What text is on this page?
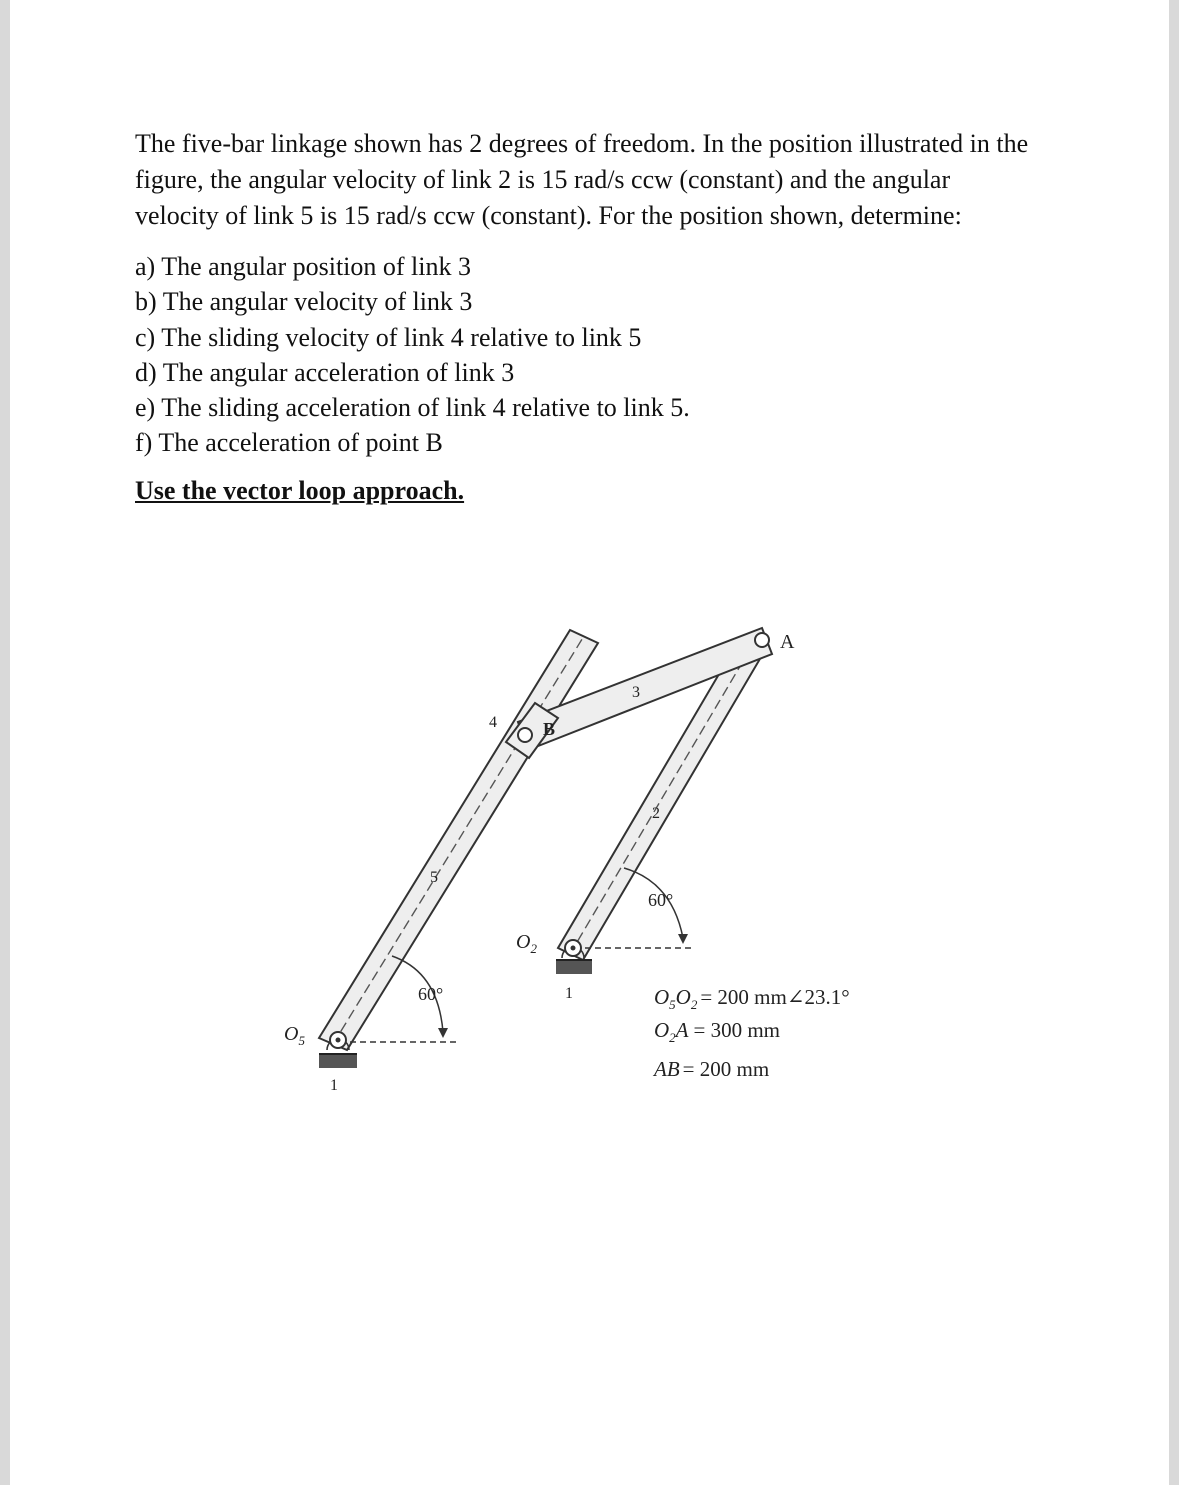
The five-bar linkage shown has 2 degrees of freedom. In the position illustrated in the figure, the angular velocity of link 2 is 15 rad/s ccw (constant) and the angular velocity of link 5 is 15 rad/s ccw (constant). For the position shown, determine:

a) The angular position of link 3
b) The angular velocity of link 3
c) The sliding velocity of link 4 relative to link 5
d) The angular acceleration of link 3
e) The sliding acceleration of link 4 relative to link 5.
f) The acceleration of point B

Use the vector loop approach.

A
B
3
4
2
5
60°
60°	1
1
$O_2$
$O_5$
$O_5O_2 = 200$ mm∠23.1°
$O_2A = 300$ mm
AB = 200 mm
